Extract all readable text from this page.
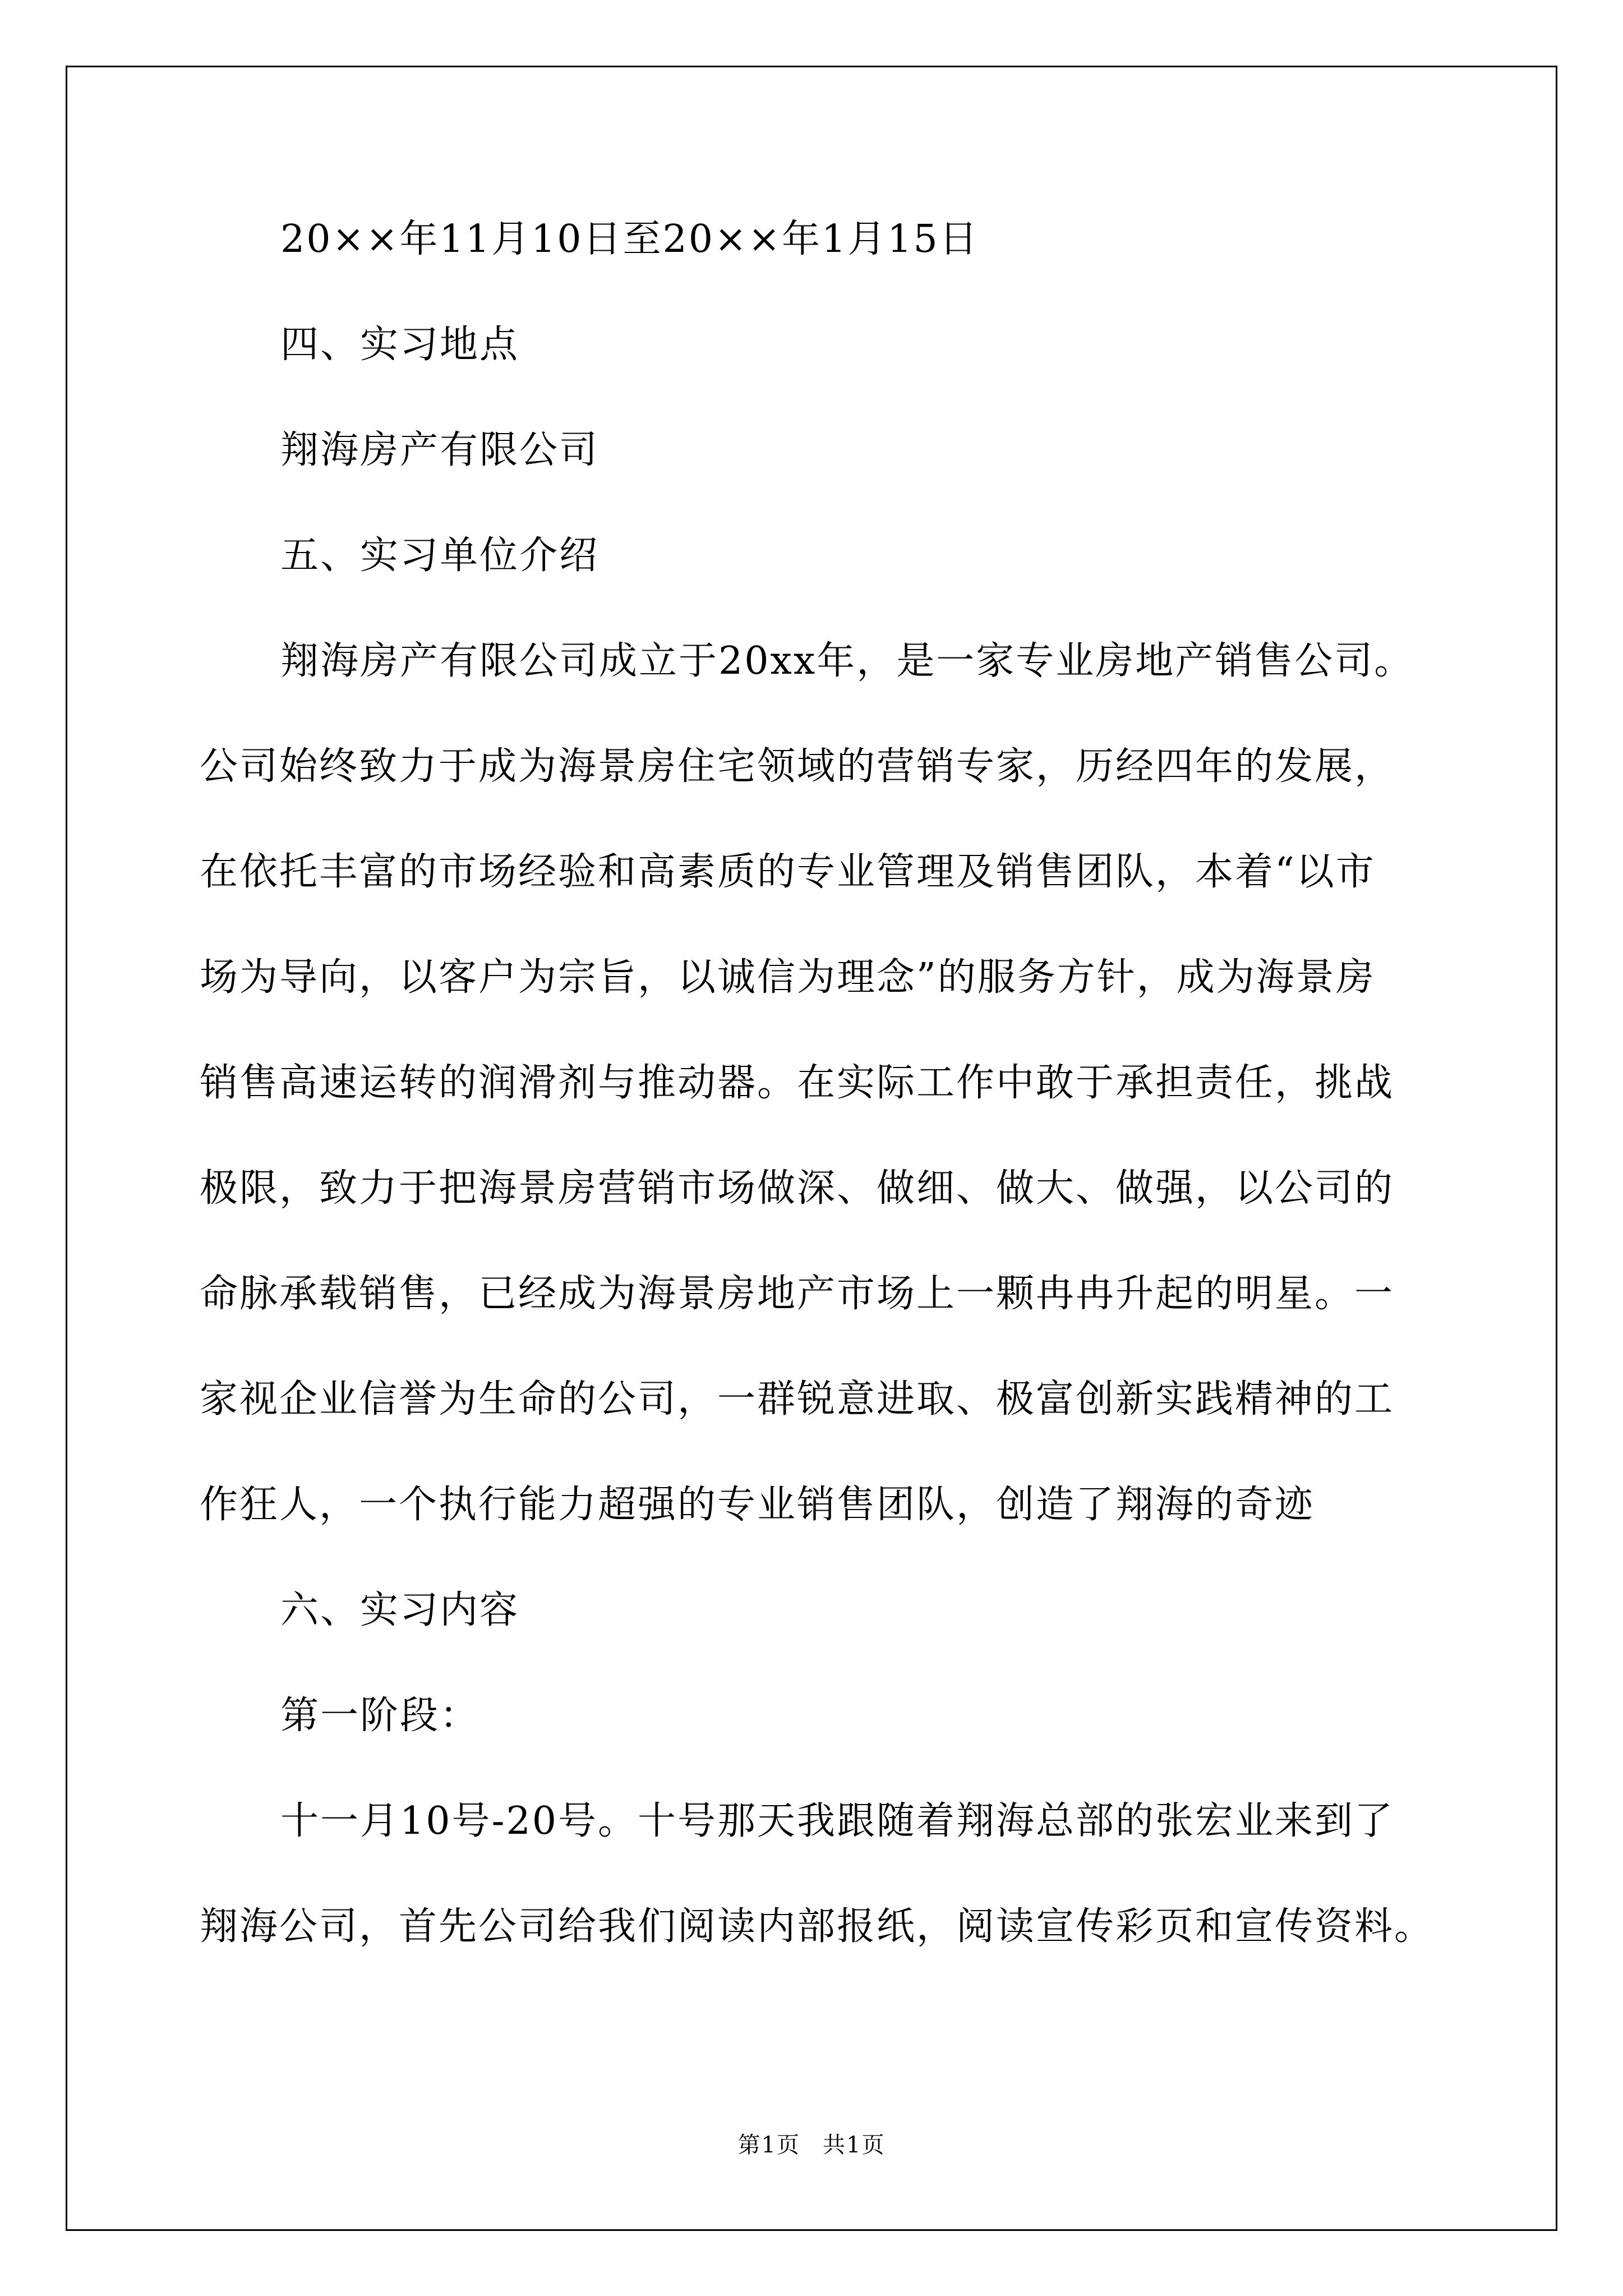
20××年11月10日至20××年1月15日
四、实习地点
翔海房产有限公司
五、实习单位介绍
翔海房产有限公司成立于20xx年，是一家专业房地产销售公司。
公司始终致力于成为海景房住宅领域的营销专家，历经四年的发展，
在依托丰富的市场经验和高素质的专业管理及销售团队，本着“以市
场为导向，以客户为宗旨，以诚信为理念”的服务方针，成为海景房
销售高速运转的润滑剂与推动器。在实际工作中敢于承担责任，挑战
极限，致力于把海景房营销市场做深、做细、做大、做强，以公司的
命脉承载销售，已经成为海景房地产市场上一颗冉冉升起的明星。一
家视企业信誉为生命的公司，一群锐意进取、极富创新实践精神的工
作狂人，一个执行能力超强的专业销售团队，创造了翔海的奇迹
六、实习内容
第一阶段：
十一月10号-20号。十号那天我跟随着翔海总部的张宏业来到了
翔海公司，首先公司给我们阅读内部报纸，阅读宣传彩页和宣传资料。
第1页 共1页
